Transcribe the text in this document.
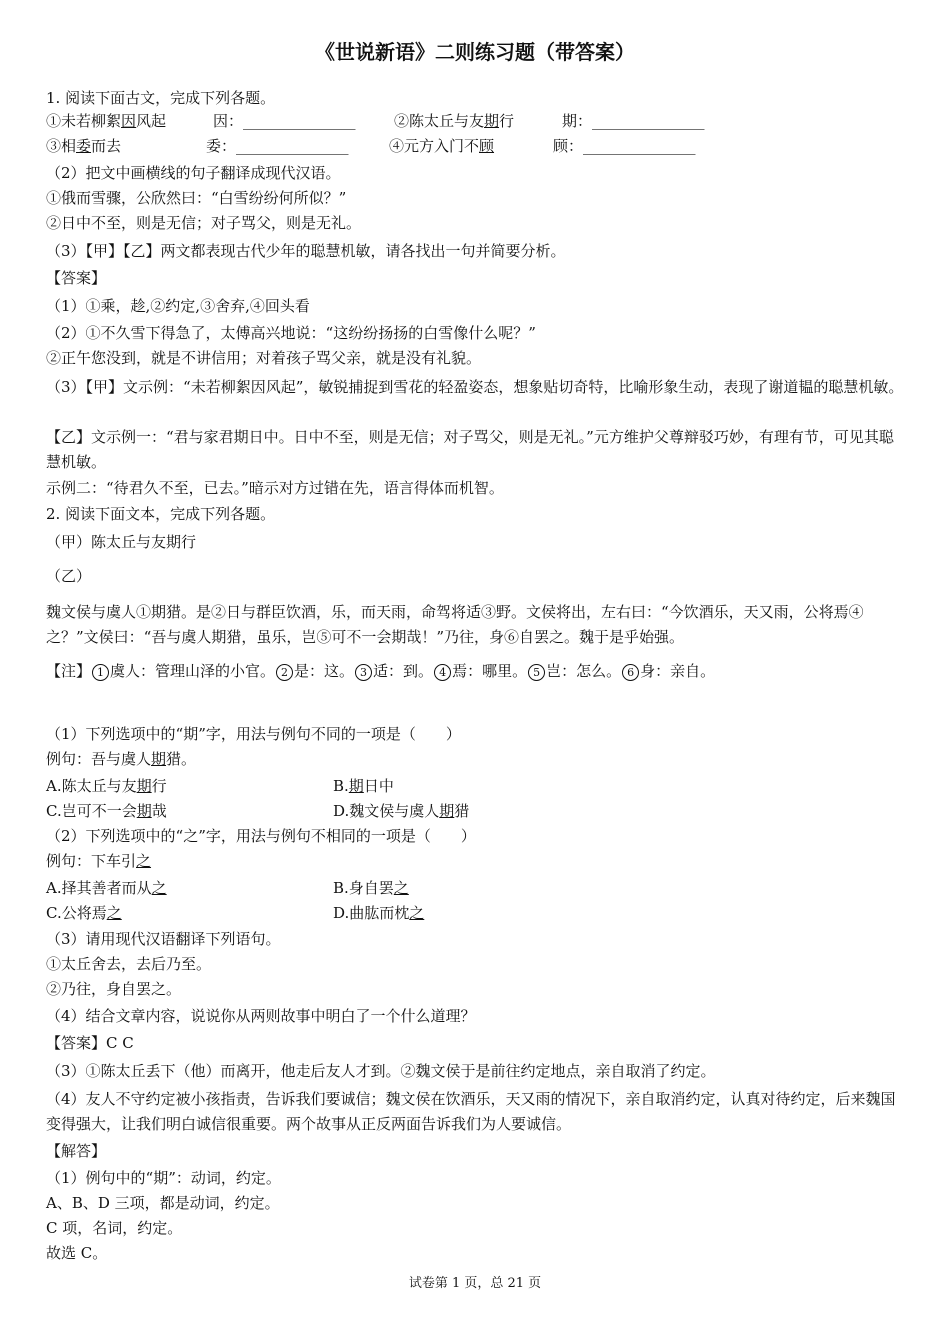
《世说新语》二则练习题（带答案）
1. 阅读下面古文，完成下列各题。
①未若柳絮因风起	因：_______________	②陈太丘与友期行	期：_______________
③相委而去	委：_______________	④元方入门不顾	顾：_______________
（2）把文中画横线的句子翻译成现代汉语。
①俄而雪骤，公欣然曰：“白雪纷纷何所似？”
②日中不至，则是无信；对子骂父，则是无礼。
（3）【甲】【乙】两文都表现古代少年的聪慧机敏，请各找出一句并简要分析。
【答案】
（1）①乘，趁,②约定,③舍弃,④回头看
（2）①不久雪下得急了，太傅高兴地说：“这纷纷扬扬的白雪像什么呢？”
②正午您没到，就是不讲信用；对着孩子骂父亲，就是没有礼貌。
（3）【甲】文示例：“未若柳絮因风起”，敏锐捕捉到雪花的轻盈姿态，想象贴切奇特，比喻形象生动，表现了谢道韫的聪慧机敏。
【乙】文示例一：“君与家君期日中。日中不至，则是无信；对子骂父，则是无礼。”元方维护父尊辩驳巧妙，有理有节，可见其聪慧机敏。
示例二：“待君久不至，已去。”暗示对方过错在先，语言得体而机智。
2. 阅读下面文本，完成下列各题。
（甲）陈太丘与友期行
（乙）
魏文侯与虞人①期猎。是②日与群臣饮酒，乐，而天雨，命驾将适③野。文侯将出，左右曰：“今饮酒乐，天又雨，公将焉④之？”文侯曰：“吾与虞人期猎，虽乐，岂⑤可不一会期哉！”乃往，身⑥自罢之。魏于是乎始强。
【注】 1 虞人：管理山泽的小官。 2 是：这。 3 适：到。 4 焉：哪里。 5 岂：怎么。 6 身：亲自。
（1）下列选项中的“期”字，用法与例句不同的一项是（　　）
例句：吾与虞人期猎。
A.陈太丘与友期行	B.期日中
C.岂可不一会期哉	D.魏文侯与虞人期猎
（2）下列选项中的“之”字，用法与例句不相同的一项是（　　）
例句：下车引之
A.择其善者而从之	B.身自罢之
C.公将焉之	D.曲肱而枕之
（3）请用现代汉语翻译下列语句。
①太丘舍去，去后乃至。
②乃往，身自罢之。
（4）结合文章内容，说说你从两则故事中明白了一个什么道理？
【答案】C C
（3）①陈太丘丢下（他）而离开，他走后友人才到。②魏文侯于是前往约定地点，亲自取消了约定。
（4）友人不守约定被小孩指责，告诉我们要诚信；魏文侯在饮酒乐，天又雨的情况下，亲自取消约定，认真对待约定，后来魏国变得强大，让我们明白诚信很重要。两个故事从正反两面告诉我们为人要诚信。
【解答】
（1）例句中的“期”：动词，约定。
A、B、D 三项，都是动词，约定。
C 项，名词，约定。
故选 C。
试卷第 1 页，总 21 页
